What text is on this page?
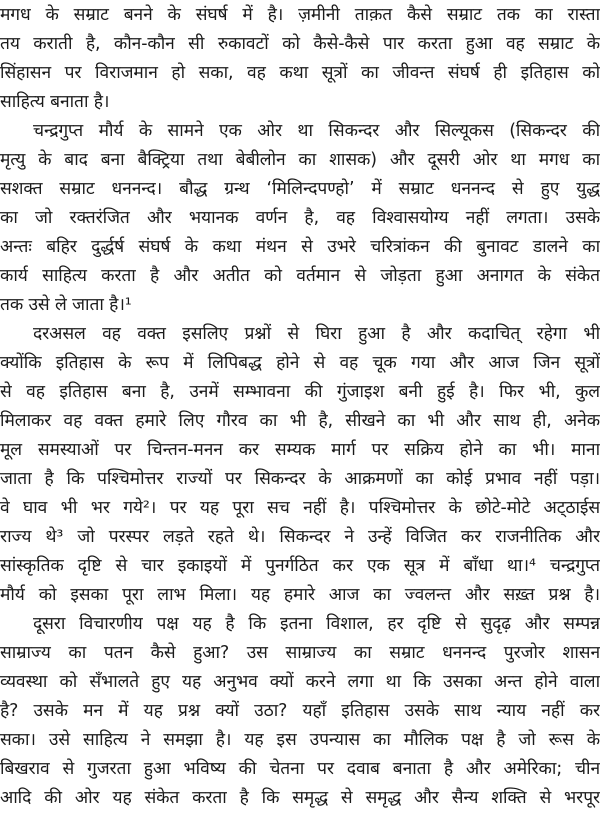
मगध के सम्राट बनने के संघर्ष में है। ज़मीनी ताक़त कैसे सम्राट तक का रास्ता
तय कराती है, कौन-कौन सी रुकावटों को कैसे-कैसे पार करता हुआ वह सम्राट के
सिंहासन पर विराजमान हो सका, वह कथा सूत्रों का जीवन्त संघर्ष ही इतिहास को
साहित्य बनाता है।
चन्द्रगुप्त मौर्य के सामने एक ओर था सिकन्दर और सिल्यूकस (सिकन्दर की
मृत्यु के बाद बना बैक्ट्रिया तथा बेबीलोन का शासक) और दूसरी ओर था मगध का
सशक्त सम्राट धननन्द। बौद्ध ग्रन्थ ‘मिलिन्दपण्हो’ में सम्राट धननन्द से हुए युद्ध
का जो रक्तरंजित और भयानक वर्णन है, वह विश्वासयोग्य नहीं लगता। उसके
अन्तः बहिर दुर्द्धर्ष संघर्ष के कथा मंथन से उभरे चरित्रांकन की बुनावट डालने का
कार्य साहित्य करता है और अतीत को वर्तमान से जोड़ता हुआ अनागत के संकेत
तक उसे ले जाता है।¹
दरअसल वह वक्त इसलिए प्रश्नों से घिरा हुआ है और कदाचित् रहेगा भी
क्योंकि इतिहास के रूप में लिपिबद्ध होने से वह चूक गया और आज जिन सूत्रों
से वह इतिहास बना है, उनमें सम्भावना की गुंजाइश बनी हुई है। फिर भी, कुल
मिलाकर वह वक्त हमारे लिए गौरव का भी है, सीखने का भी और साथ ही, अनेक
मूल समस्याओं पर चिन्तन-मनन कर सम्यक मार्ग पर सक्रिय होने का भी। माना
जाता है कि पश्चिमोत्तर राज्यों पर सिकन्दर के आक्रमणों का कोई प्रभाव नहीं पड़ा।
वे घाव भी भर गये²। पर यह पूरा सच नहीं है। पश्चिमोत्तर के छोटे-मोटे अट्‌ठाईस
राज्य थे³ जो परस्पर लड़ते रहते थे। सिकन्दर ने उन्हें विजित कर राजनीतिक और
सांस्कृतिक दृष्टि से चार इकाइयों में पुनर्गठित कर एक सूत्र में बाँधा था।⁴ चन्द्रगुप्त
मौर्य को इसका पूरा लाभ मिला। यह हमारे आज का ज्वलन्त और सख़्त प्रश्न है।
दूसरा विचारणीय पक्ष यह है कि इतना विशाल, हर दृष्टि से सुदृढ़ और सम्पन्न
साम्राज्य का पतन कैसे हुआ? उस साम्राज्य का सम्राट धननन्द पुरजोर शासन
व्यवस्था को सँभालते हुए यह अनुभव क्यों करने लगा था कि उसका अन्त होने वाला
है? उसके मन में यह प्रश्न क्यों उठा? यहाँ इतिहास उसके साथ न्याय नहीं कर
सका। उसे साहित्य ने समझा है। यह इस उपन्यास का मौलिक पक्ष है जो रूस के
बिखराव से गुजरता हुआ भविष्य की चेतना पर दवाब बनाता है और अमेरिका; चीन
आदि की ओर यह संकेत करता है कि समृद्ध से समृद्ध और सैन्य शक्ति से भरपूर
